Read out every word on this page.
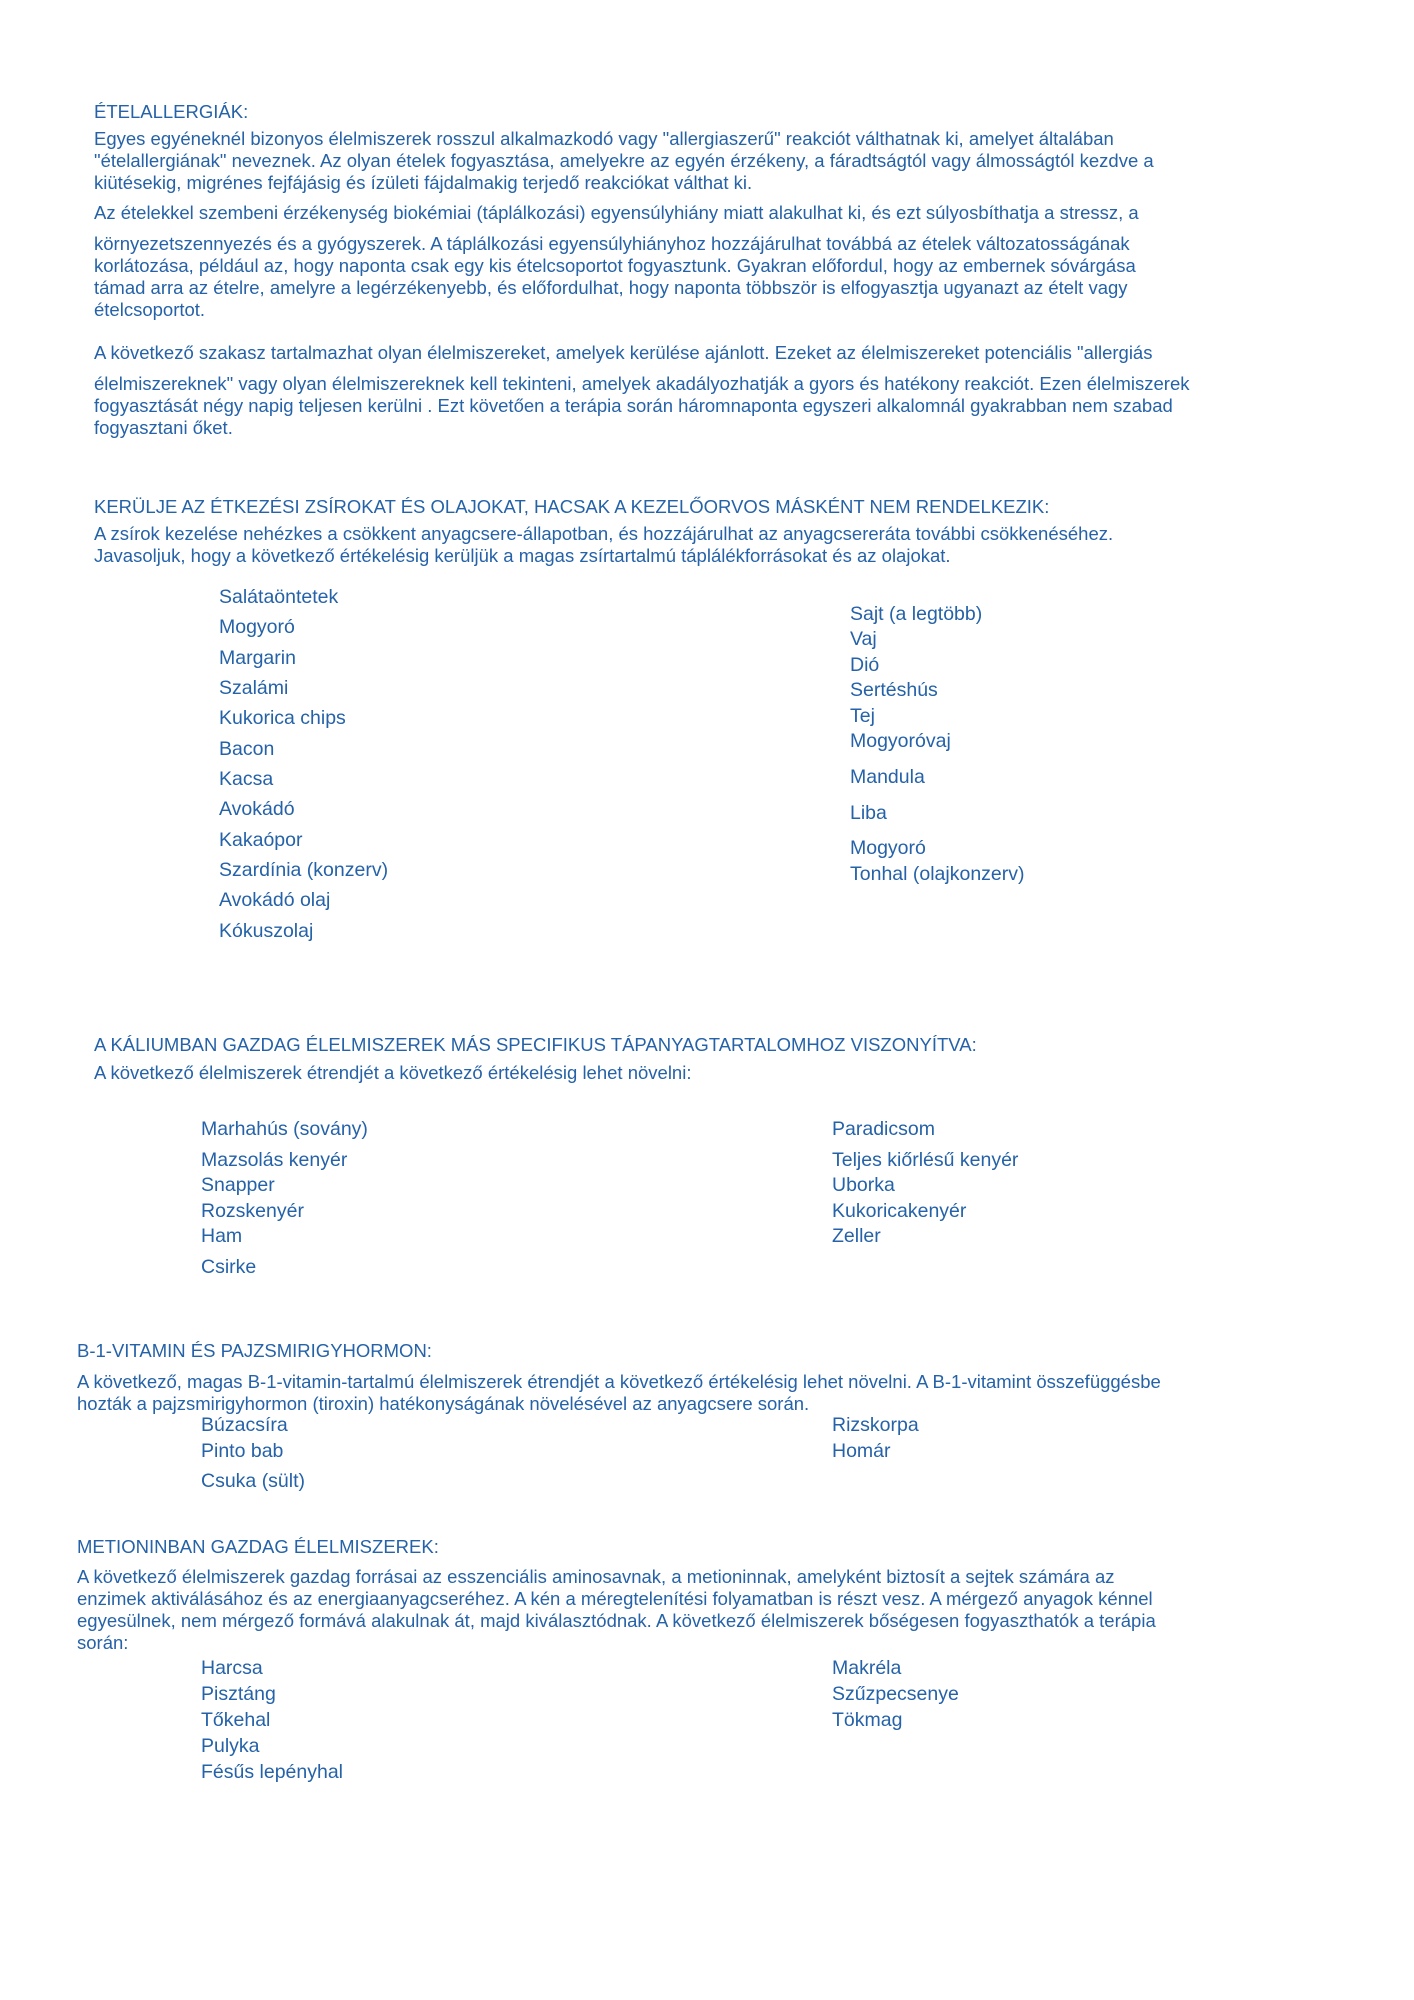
ÉTELALLERGIÁK:
Egyes egyéneknél bizonyos élelmiszerek rosszul alkalmazkodó vagy "allergiaszerű" reakciót válthatnak ki, amelyet általában
"ételallergiának" neveznek. Az olyan ételek fogyasztása, amelyekre az egyén érzékeny, a fáradtságtól vagy álmosságtól kezdve a
kiütésekig, migrénes fejfájásig és ízületi fájdalmakig terjedő reakciókat válthat ki.
Az ételekkel szembeni érzékenység biokémiai (táplálkozási) egyensúlyhiány miatt alakulhat ki, és ezt súlyosbíthatja a stressz, a
környezetszennyezés és a gyógyszerek. A táplálkozási egyensúlyhiányhoz hozzájárulhat továbbá az ételek változatosságának
korlátozása, például az, hogy naponta csak egy kis ételcsoportot fogyasztunk. Gyakran előfordul, hogy az embernek sóvárgása
támad arra az ételre, amelyre a legérzékenyebb, és előfordulhat, hogy naponta többször is elfogyasztja ugyanazt az ételt vagy
ételcsoportot.
A következő szakasz tartalmazhat olyan élelmiszereket, amelyek kerülése ajánlott. Ezeket az élelmiszereket potenciális "allergiás
élelmiszereknek" vagy olyan élelmiszereknek kell tekinteni, amelyek akadályozhatják a gyors és hatékony reakciót. Ezen élelmiszerek
fogyasztását négy napig teljesen kerülni . Ezt követően a terápia során háromnaponta egyszeri alkalomnál gyakrabban nem szabad
fogyasztani őket.
KERÜLJE AZ ÉTKEZÉSI ZSÍROKAT ÉS OLAJOKAT, HACSAK A KEZELŐORVOS MÁSKÉNT NEM RENDELKEZIK:
A zsírok kezelése nehézkes a csökkent anyagcsere-állapotban, és hozzájárulhat az anyagcsereráta további csökkenéséhez.
Javasoljuk, hogy a következő értékelésig kerüljük a magas zsírtartalmú táplálékforrásokat és az olajokat.
Salátaöntetek
Mogyoró
Margarin
Szalámi
Kukorica chips
Bacon
Kacsa
Avokádó
Kakaópor
Szardínia (konzerv)
Avokádó olaj
Kókuszolaj
Sajt (a legtöbb)
Vaj
Dió
Sertéshús
Tej
Mogyoróvaj
Mandula
Liba
Mogyoró
Tonhal (olajkonzerv)
A KÁLIUMBAN GAZDAG ÉLELMISZEREK MÁS SPECIFIKUS TÁPANYAGTARTALOMHOZ VISZONYÍTVA:
A következő élelmiszerek étrendjét a következő értékelésig lehet növelni:
Marhahús (sovány)
Mazsolás kenyér
Snapper
Rozskenyér
Ham
Csirke
Paradicsom
Teljes kiőrlésű kenyér
Uborka
Kukoricakenyér
Zeller
B-1-VITAMIN ÉS PAJZSMIRIGYHORMON:
A következő, magas B-1-vitamin-tartalmú élelmiszerek étrendjét a következő értékelésig lehet növelni. A B-1-vitamint összefüggésbe
hozták a pajzsmirigyhormon (tiroxin) hatékonyságának növelésével az anyagcsere során.
Búzacsíra
Pinto bab
Csuka (sült)
Rizskorpa
Homár
METIONINBAN GAZDAG ÉLELMISZEREK:
A következő élelmiszerek gazdag forrásai az esszenciális aminosavnak, a metioninnak, amelyként biztosít a sejtek számára az
enzimek aktiválásához és az energiaanyagcseréhez. A kén a méregtelenítési folyamatban is részt vesz. A mérgező anyagok kénnel
egyesülnek, nem mérgező formává alakulnak át, majd kiválasztódnak. A következő élelmiszerek bőségesen fogyaszthatók a terápia
során:
Harcsa
Pisztáng
Tőkehal
Pulyka
Fésűs lepényhal
Makréla
Szűzpecsenye
Tökmag
